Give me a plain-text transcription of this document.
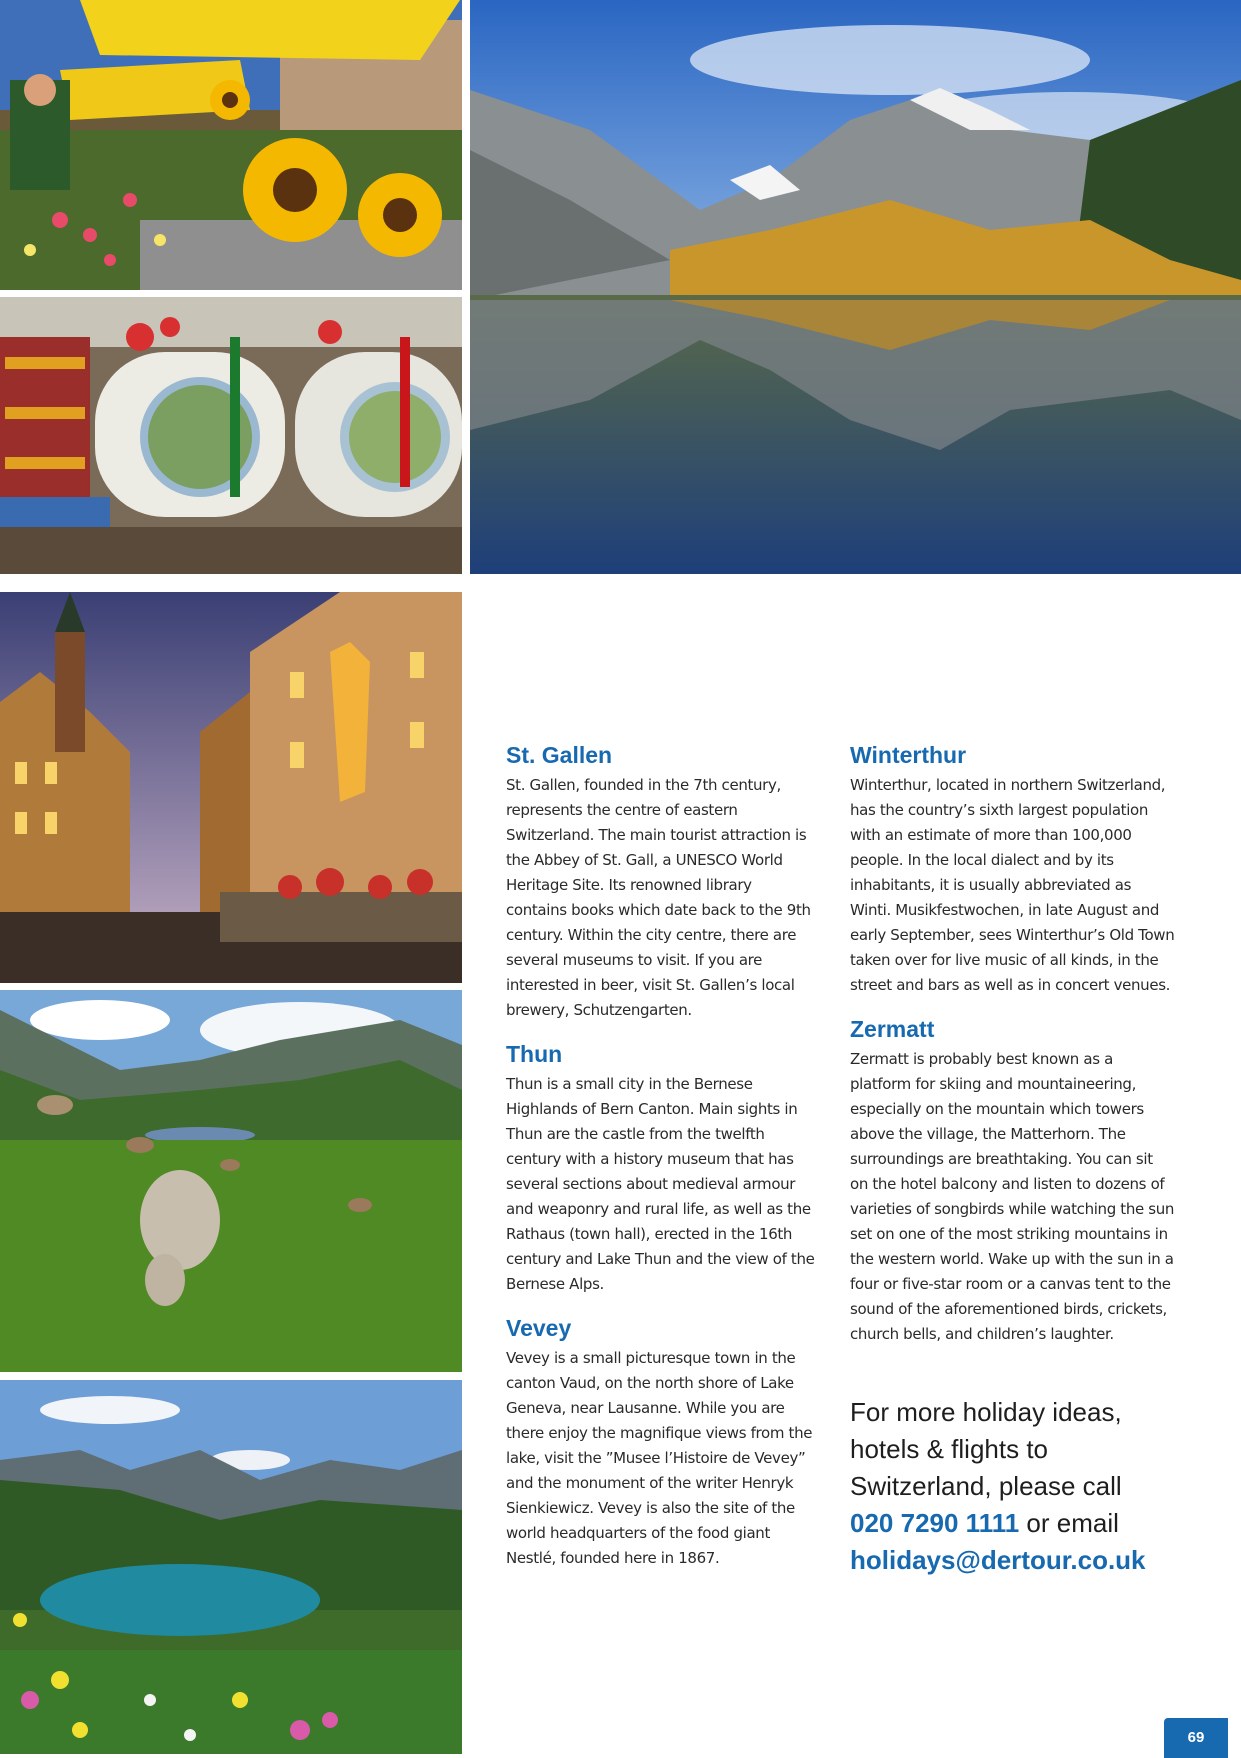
St. Gallen

St. Gallen, founded in the 7th century, represents the centre of eastern Switzerland. The main tourist attraction is the Abbey of St. Gall, a UNESCO World Heritage Site. Its renowned library contains books which date back to the 9th century. Within the city centre, there are several museums to visit. If you are interested in beer, visit St. Gallen’s local brewery, Schutzengarten.

Thun

Thun is a small city in the Bernese Highlands of Bern Canton. Main sights in Thun are the castle from the twelfth century with a history museum that has several sections about medieval armour and weaponry and rural life, as well as the Rathaus (town hall), erected in the 16th century and Lake Thun and the view of the Bernese Alps.

Vevey

Vevey is a small picturesque town in the canton Vaud, on the north shore of Lake Geneva, near Lausanne. While you are there enjoy the magnifique views from the lake, visit the ”Musee l’Histoire de Vevey” and the monument of the writer Henryk Sienkiewicz. Vevey is also the site of the world headquarters of the food giant Nestlé, founded here in 1867.

Winterthur

Winterthur, located in northern Switzerland, has the country’s sixth largest population with an estimate of more than 100,000 people. In the local dialect and by its inhabitants, it is usually abbreviated as Winti. Musikfestwochen, in late August and early September, sees Winterthur’s Old Town taken over for live music of all kinds, in the street and bars as well as in concert venues.

Zermatt

Zermatt is probably best known as a platform for skiing and mountaineering, especially on the mountain which towers above the village, the Matterhorn. The surroundings are breathtaking. You can sit on the hotel balcony and listen to dozens of varieties of songbirds while watching the sun set on one of the most striking mountains in the western world. Wake up with the sun in a four or five-star room or a canvas tent to the sound of the aforementioned birds, crickets, church bells, and children’s laughter.

For more holiday ideas,
hotels & flights to
Switzerland, please call
020 7290 1111 or email
holidays@dertour.co.uk
69
